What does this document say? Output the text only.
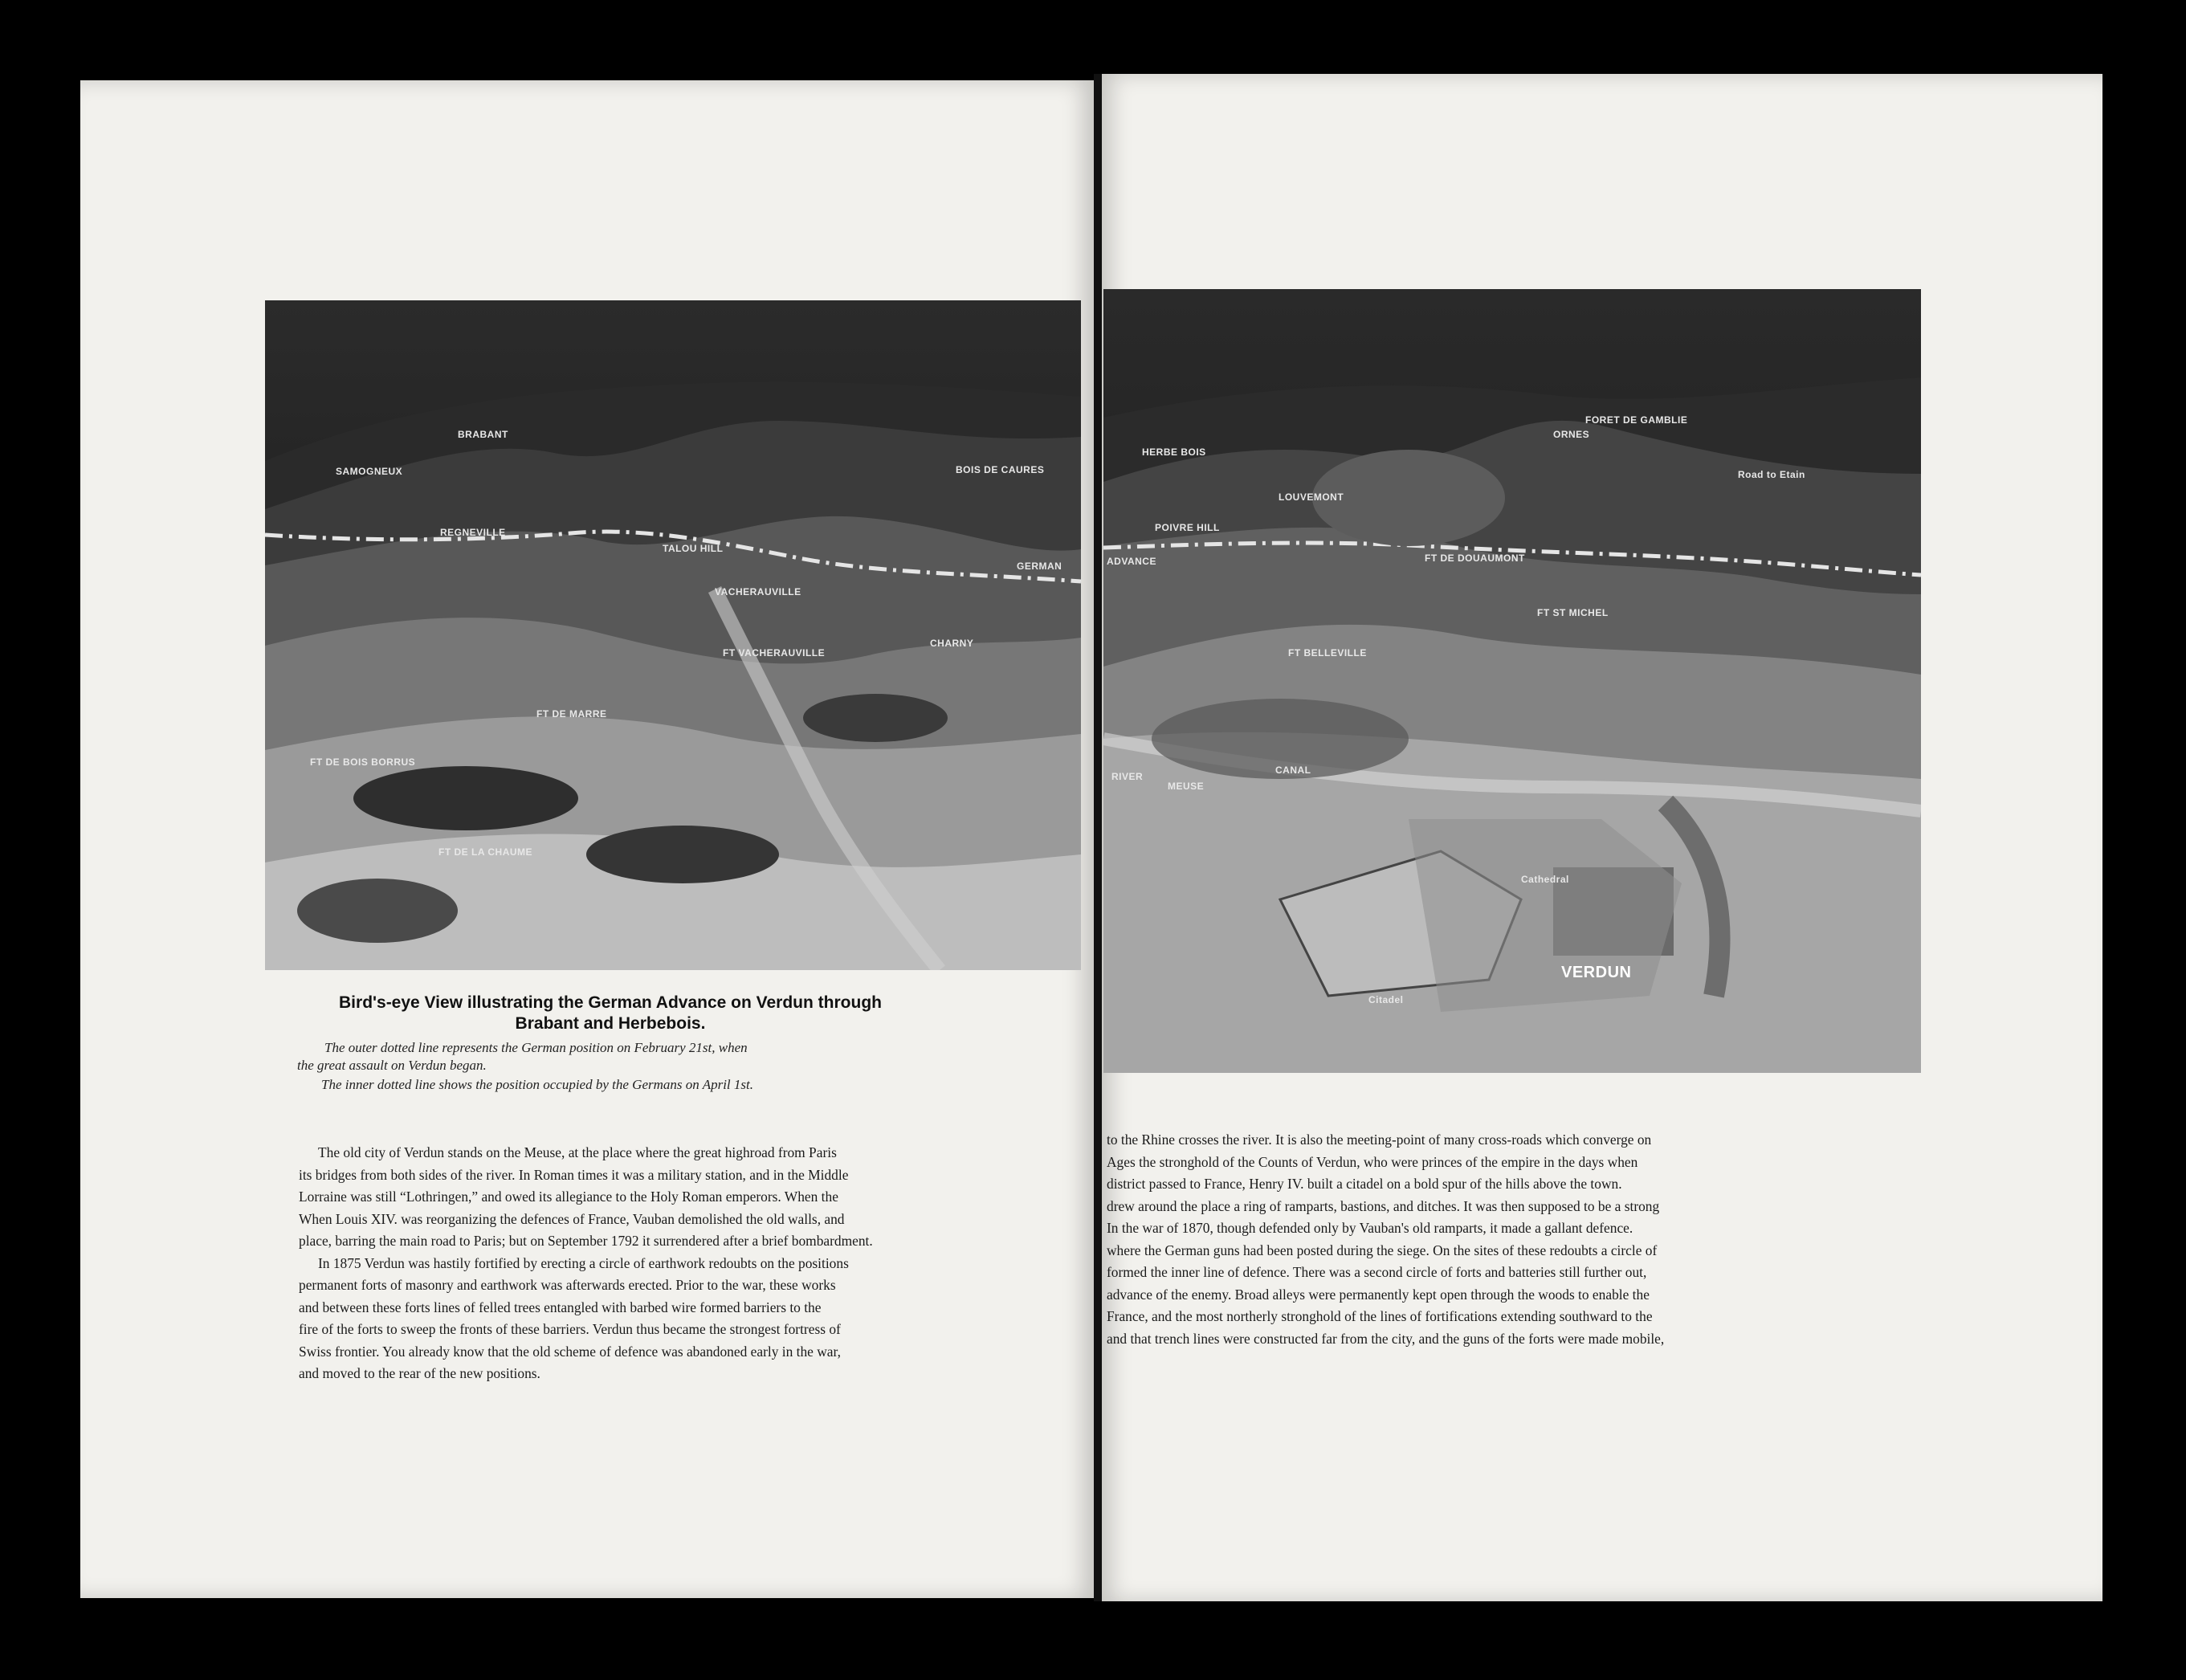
BRABANT
TALOU HILL
VACHERAUVILLE
BOIS DE CAURES
SAMOGNEUX
REGNEVILLE
CHARNY
FT VACHERAUVILLE
FT DE MARRE
FT DE BOIS BORRUS
FT DE LA CHAUME
GERMAN
HERBE BOIS
LOUVEMONT
POIVRE HILL
ORNES
FORET DE GAMBLIE
ADVANCE	FT DE DOUAUMONT
FT ST MICHEL
FT BELLEVILLE
CANAL
RIVER
MEUSE
VERDUN
Citadel
Cathedral
Road to Etain
Bird's-eye View illustrating the German Advance on Verdun through Brabant and Herbebois.
The outer dotted line represents the German position on February 21st, when
the great assault on Verdun began.
The inner dotted line shows the position occupied by the Germans on April 1st.
The old city of Verdun stands on the Meuse, at the place where the great highroad from Paris
its bridges from both sides of the river. In Roman times it was a military station, and in the Middle
Lorraine was still “Lothringen,” and owed its allegiance to the Holy Roman emperors. When the
When Louis XIV. was reorganizing the defences of France, Vauban demolished the old walls, and
place, barring the main road to Paris; but on September 1792 it surrendered after a brief bombardment.
In 1875 Verdun was hastily fortified by erecting a circle of earthwork redoubts on the positions
permanent forts of masonry and earthwork was afterwards erected. Prior to the war, these works
and between these forts lines of felled trees entangled with barbed wire formed barriers to the
fire of the forts to sweep the fronts of these barriers. Verdun thus became the strongest fortress of
Swiss frontier. You already know that the old scheme of defence was abandoned early in the war,
and moved to the rear of the new positions.
to the Rhine crosses the river. It is also the meeting-point of many cross-roads which converge on
Ages the stronghold of the Counts of Verdun, who were princes of the empire in the days when
district passed to France, Henry IV. built a citadel on a bold spur of the hills above the town.
drew around the place a ring of ramparts, bastions, and ditches. It was then supposed to be a strong
In the war of 1870, though defended only by Vauban's old ramparts, it made a gallant defence.
where the German guns had been posted during the siege. On the sites of these redoubts a circle of
formed the inner line of defence. There was a second circle of forts and batteries still further out,
advance of the enemy. Broad alleys were permanently kept open through the woods to enable the
France, and the most northerly stronghold of the lines of fortifications extending southward to the
and that trench lines were constructed far from the city, and the guns of the forts were made mobile,
